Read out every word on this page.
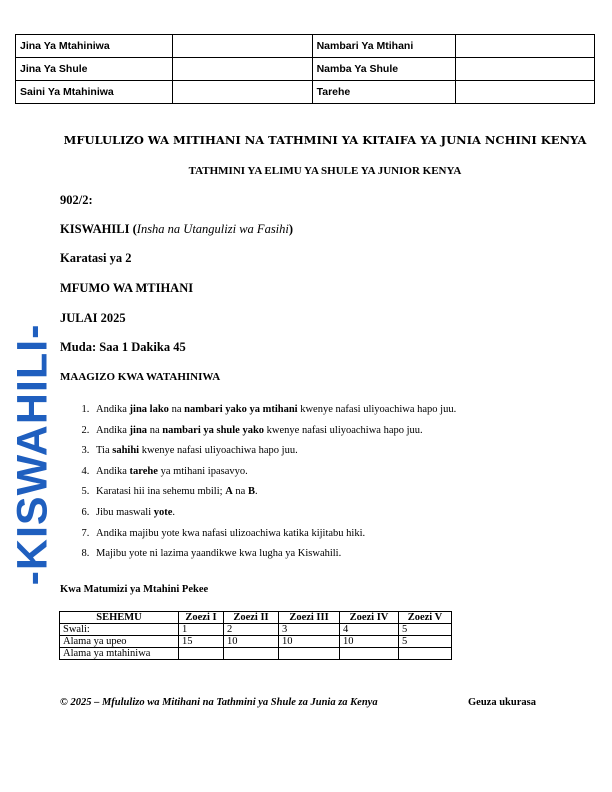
Jina Ya Mtahiniwa		Nambari Ya Mtihani	
Jina Ya Shule		Namba Ya Shule	
Saini Ya Mtahiniwa		Tarehe	
-KISWAHILI-
MFULULIZO WA MITIHANI NA TATHMINI YA KITAIFA YA JUNIA NCHINI KENYA
TATHMINI YA ELIMU YA SHULE YA JUNIOR KENYA
902/2:
KISWAHILI (Insha na Utangulizi wa Fasihi)
Karatasi ya 2
MFUMO WA MTIHANI
JULAI 2025
Muda: Saa 1 Dakika 45
MAAGIZO KWA WATAHINIWA
1. Andika jina lako na nambari yako ya mtihani kwenye nafasi uliyoachiwa hapo juu.
2. Andika jina na nambari ya shule yako kwenye nafasi uliyoachiwa hapo juu.
3. Tia sahihi kwenye nafasi uliyoachiwa hapo juu.
4. Andika tarehe ya mtihani ipasavyo.
5. Karatasi hii ina sehemu mbili; A na B.
6. Jibu maswali yote.
7. Andika majibu yote kwa nafasi ulizoachiwa katika kijitabu hiki.
8. Majibu yote ni lazima yaandikwe kwa lugha ya Kiswahili.
Kwa Matumizi ya Mtahini Pekee
SEHEMU	Zoezi I	Zoezi II	Zoezi III	Zoezi IV	Zoezi V
Swali:	1	2	3	4	5
Alama ya upeo	15	10	10	10	5
Alama ya mtahiniwa					
© 2025 – Mfululizo wa Mitihani na Tathmini ya Shule za Junia za Kenya	Geuza ukurasa
